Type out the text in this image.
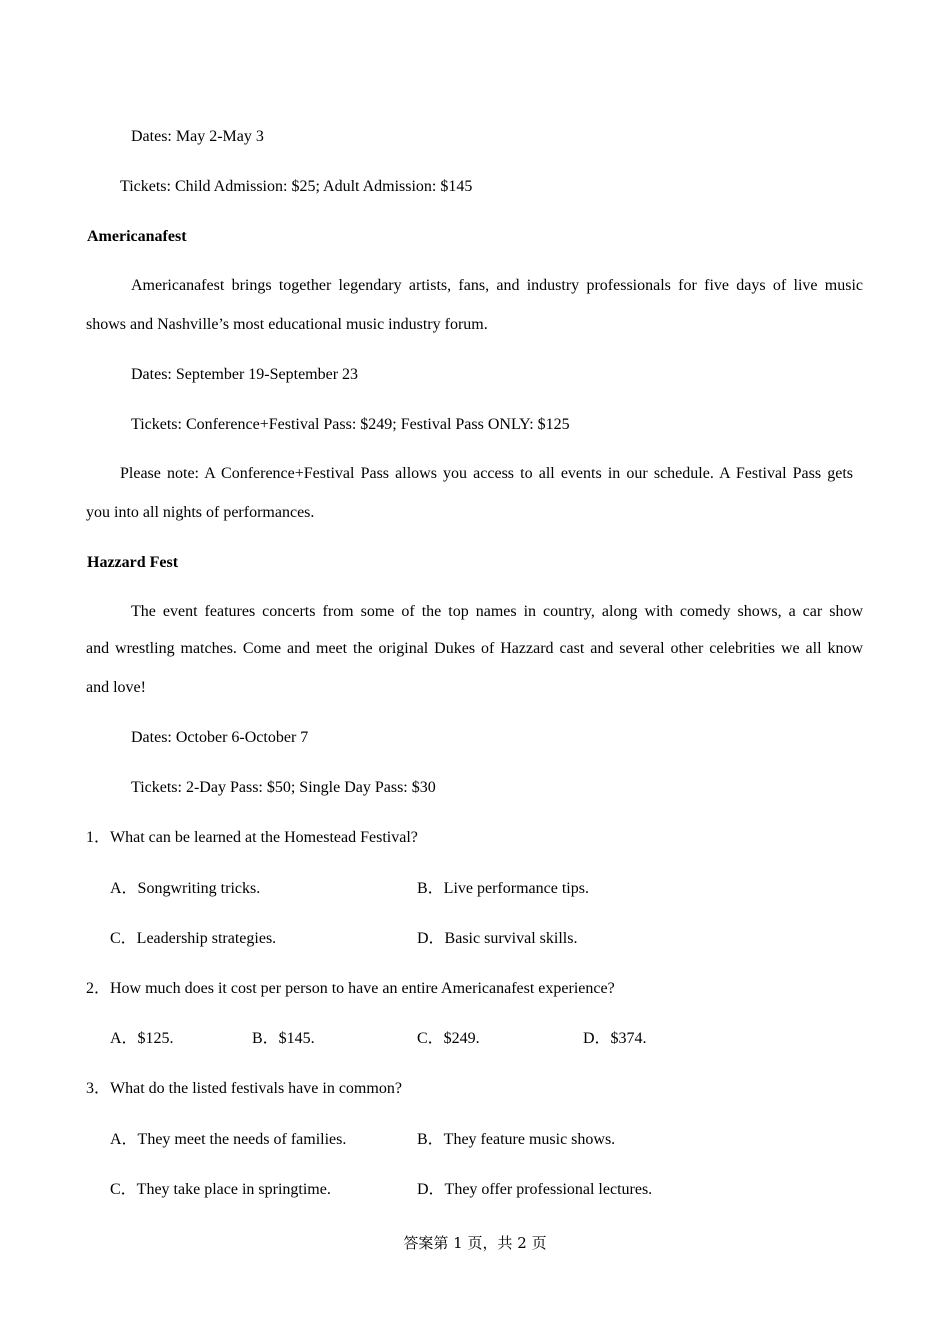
Dates: May 2-May 3
Tickets: Child Admission: $25; Adult Admission: $145
Americanafest
Americanafest brings together legendary artists, fans, and industry professionals for five days of live music
shows and Nashville’s most educational music industry forum.
Dates: September 19-September 23
Tickets: Conference+Festival Pass: $249; Festival Pass ONLY: $125
Please note: A Conference+Festival Pass allows you access to all events in our schedule. A Festival Pass gets
you into all nights of performances.
Hazzard Fest
The event features concerts from some of the top names in country, along with comedy shows, a car show
and wrestling matches. Come and meet the original Dukes of Hazzard cast and several other celebrities we all know
and love!
Dates: October 6-October 7
Tickets: 2-Day Pass: $50; Single Day Pass: $30
1．What can be learned at the Homestead Festival?
A．Songwriting tricks.	B．Live performance tips.
C．Leadership strategies.	D．Basic survival skills.
2．How much does it cost per person to have an entire Americanafest experience?
A．$125.	B．$145.	C．$249.	D．$374.
3．What do the listed festivals have in common?
A．They meet the needs of families.	B．They feature music shows.
C．They take place in springtime.	D．They offer professional lectures.
答案第 1 页，共 2 页
